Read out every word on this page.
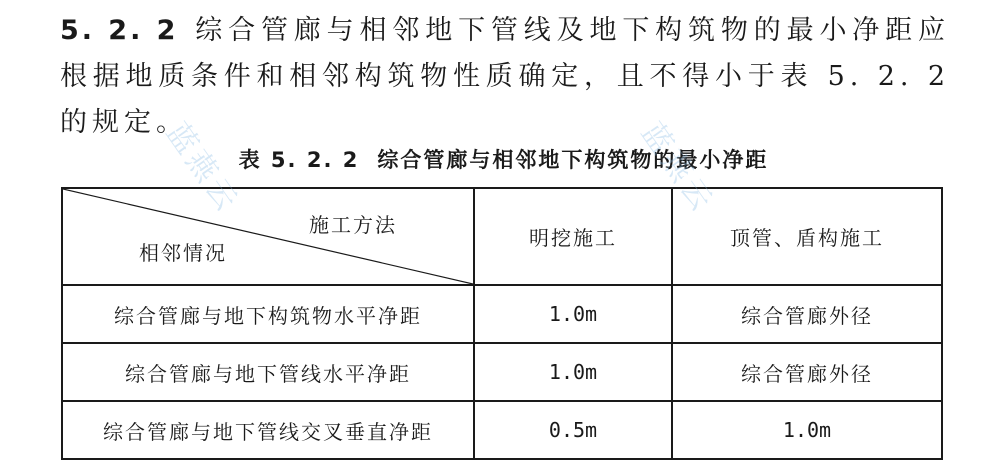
5. 2. 2 综合管廊与相邻地下管线及地下构筑物的最小净距应根据地质条件和相邻构筑物性质确定，且不得小于表 5. 2. 2 的规定。
表 5. 2. 2 综合管廊与相邻地下构筑物的最小净距
施工方法
相邻情况	明挖施工	顶管、盾构施工
综合管廊与地下构筑物水平净距	1.0m	综合管廊外径
综合管廊与地下管线水平净距	1.0m	综合管廊外径
综合管廊与地下管线交叉垂直净距	0.5m	1.0m
蓝燕云	蓝燕云
